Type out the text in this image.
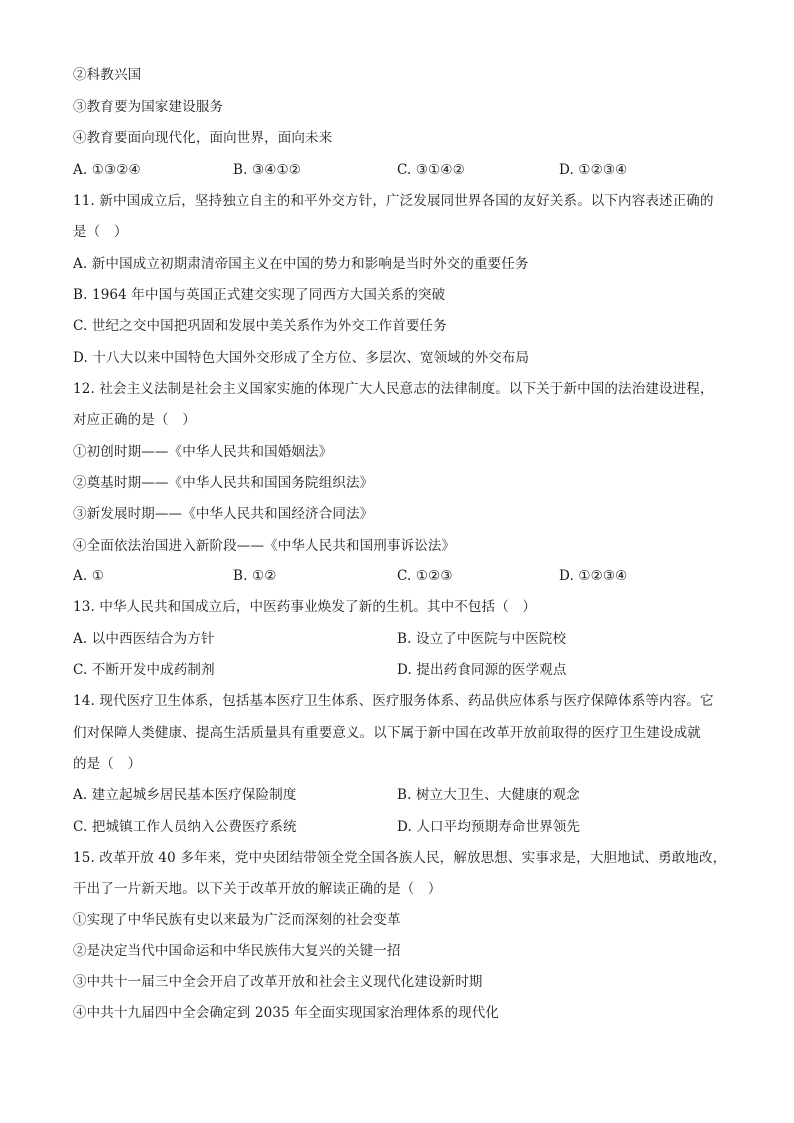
②科教兴国
③教育要为国家建设服务
④教育要面向现代化，面向世界，面向未来
A. ①③②④	B. ③④①②	C. ③①④②	D. ①②③④
11. 新中国成立后，坚持独立自主的和平外交方针，广泛发展同世界各国的友好关系。以下内容表述正确的
是（　）
A. 新中国成立初期肃清帝国主义在中国的势力和影响是当时外交的重要任务
B. 1964 年中国与英国正式建交实现了同西方大国关系的突破
C. 世纪之交中国把巩固和发展中美关系作为外交工作首要任务
D. 十八大以来中国特色大国外交形成了全方位、多层次、宽领域的外交布局
12. 社会主义法制是社会主义国家实施的体现广大人民意志的法律制度。以下关于新中国的法治建设进程，
对应正确的是（　）
①初创时期——《中华人民共和国婚姻法》
②奠基时期——《中华人民共和国国务院组织法》
③新发展时期——《中华人民共和国经济合同法》
④全面依法治国进入新阶段——《中华人民共和国刑事诉讼法》
A. ①	B. ①②	C. ①②③	D. ①②③④
13. 中华人民共和国成立后，中医药事业焕发了新的生机。其中不包括（　）
A. 以中西医结合为方针	B. 设立了中医院与中医院校
C. 不断开发中成药制剂	D. 提出药食同源的医学观点
14. 现代医疗卫生体系，包括基本医疗卫生体系、医疗服务体系、药品供应体系与医疗保障体系等内容。它
们对保障人类健康、提高生活质量具有重要意义。以下属于新中国在改革开放前取得的医疗卫生建设成就
的是（　）
A. 建立起城乡居民基本医疗保险制度	B. 树立大卫生、大健康的观念
C. 把城镇工作人员纳入公费医疗系统	D. 人口平均预期寿命世界领先
15. 改革开放 40 多年来，党中央团结带领全党全国各族人民，解放思想、实事求是，大胆地试、勇敢地改，
干出了一片新天地。以下关于改革开放的解读正确的是（　）
①实现了中华民族有史以来最为广泛而深刻的社会变革
②是决定当代中国命运和中华民族伟大复兴的关键一招
③中共十一届三中全会开启了改革开放和社会主义现代化建设新时期
④中共十九届四中全会确定到 2035 年全面实现国家治理体系的现代化
